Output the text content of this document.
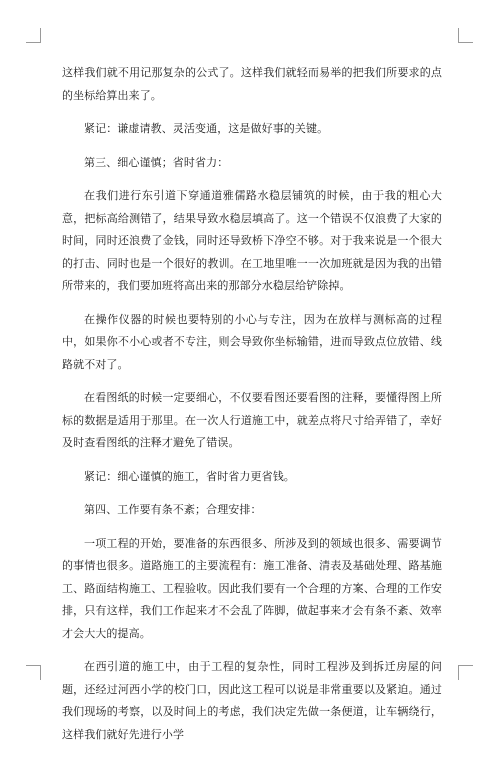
这样我们就不用记那复杂的公式了。这样我们就轻而易举的把我们所要求的点的坐标给算出来了。

紧记：谦虚请教、灵活变通，这是做好事的关键。

第三、细心谨慎；省时省力：

在我们进行东引道下穿通道雅儒路水稳层铺筑的时候，由于我的粗心大意，把标高给测错了，结果导致水稳层填高了。这一个错误不仅浪费了大家的时间，同时还浪费了金钱，同时还导致桥下净空不够。对于我来说是一个很大的打击、同时也是一个很好的教训。在工地里唯一一次加班就是因为我的出错所带来的，我们要加班将高出来的那部分水稳层给铲除掉。

在操作仪器的时候也要特别的小心与专注，因为在放样与测标高的过程中，如果你不小心或者不专注，则会导致你坐标输错，进而导致点位放错、线路就不对了。

在看图纸的时候一定要细心，不仅要看图还要看图的注释，要懂得图上所标的数据是适用于那里。在一次人行道施工中，就差点将尺寸给弄错了，幸好及时查看图纸的注释才避免了错误。

紧记：细心谨慎的施工，省时省力更省钱。

第四、工作要有条不紊；合理安排：

一项工程的开始，要准备的东西很多、所涉及到的领域也很多、需要调节的事情也很多。道路施工的主要流程有：施工准备、清表及基础处理、路基施工、路面结构施工、工程验收。因此我们要有一个合理的方案、合理的工作安排，只有这样，我们工作起来才不会乱了阵脚，做起事来才会有条不紊、效率才会大大的提高。

在西引道的施工中，由于工程的复杂性，同时工程涉及到拆迁房屋的问题，还经过河西小学的校门口，因此这工程可以说是非常重要以及紧迫。通过我们现场的考察，以及时间上的考虑，我们决定先做一条便道，让车辆绕行，这样我们就好先进行小学
